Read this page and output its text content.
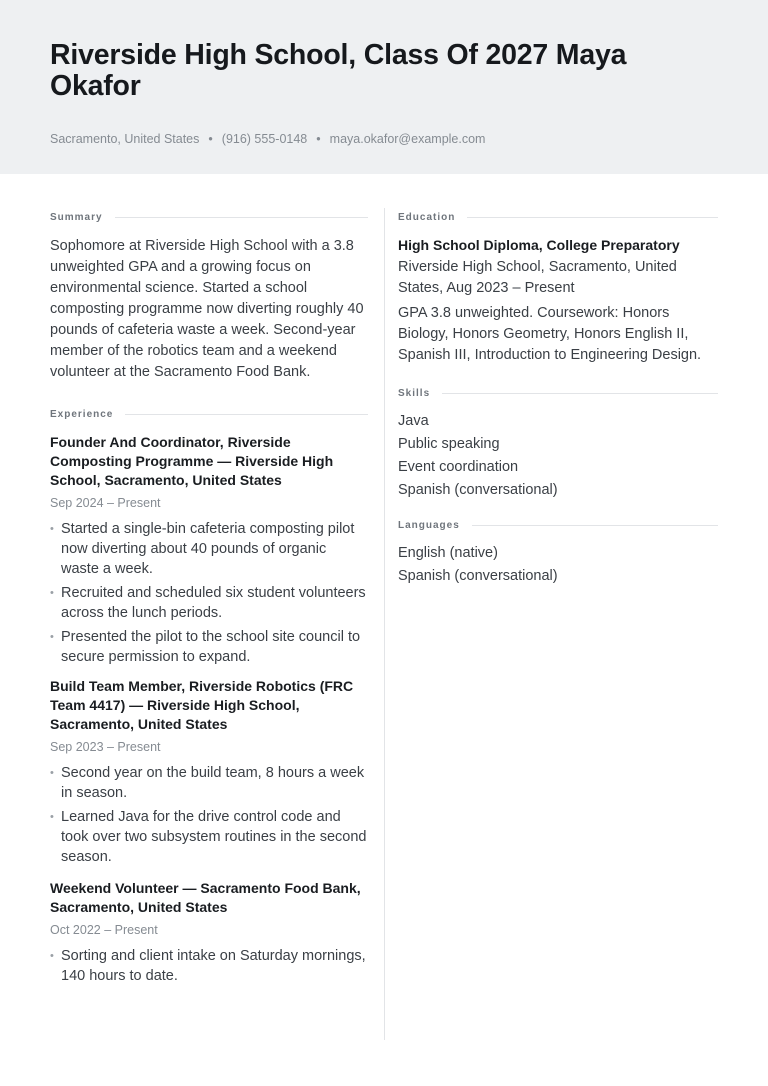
Riverside High School, Class Of 2027 Maya Okafor
Sacramento, United States • (916) 555-0148 • maya.okafor@example.com
Summary

Sophomore at Riverside High School with a 3.8 unweighted GPA and a growing focus on environmental science. Started a school composting programme now diverting roughly 40 pounds of cafeteria waste a week. Second-year member of the robotics team and a weekend volunteer at the Sacramento Food Bank.

Experience

Founder And Coordinator, Riverside Composting Programme — Riverside High School, Sacramento, United States

Sep 2024 – Present
• Started a single-bin cafeteria composting pilot now diverting about 40 pounds of organic waste a week.
• Recruited and scheduled six student volunteers across the lunch periods.
• Presented the pilot to the school site council to secure permission to expand.

Build Team Member, Riverside Robotics (FRC Team 4417) — Riverside High School, Sacramento, United States

Sep 2023 – Present
• Second year on the build team, 8 hours a week in season.
• Learned Java for the drive control code and took over two subsystem routines in the second season.

Weekend Volunteer — Sacramento Food Bank, Sacramento, United States

Oct 2022 – Present
• Sorting and client intake on Saturday mornings, 140 hours to date.
Education

High School Diploma, College Preparatory

Riverside High School, Sacramento, United States, Aug 2023 – Present

GPA 3.8 unweighted. Coursework: Honors Biology, Honors Geometry, Honors English II, Spanish III, Introduction to Engineering Design.

Skills
Java
Public speaking
Event coordination
Spanish (conversational)
Languages
English (native)
Spanish (conversational)
